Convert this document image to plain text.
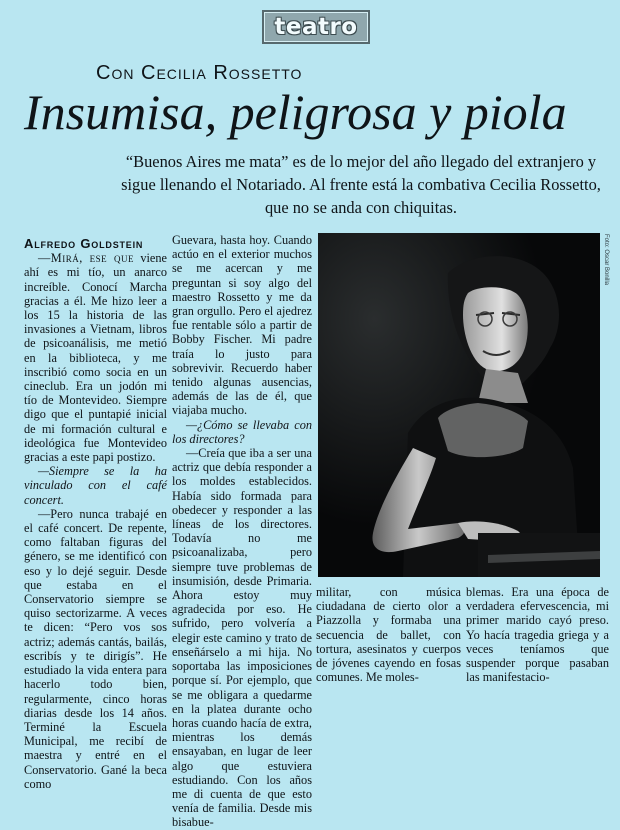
teatro
Con Cecilia Rossetto
Insumisa, peligrosa y piola
“Buenos Aires me mata” es de lo mejor del año llegado del extranjero y sigue llenando el Notariado. Al frente está la combativa Cecilia Rossetto, que no se anda con chiquitas.

Alfredo Goldstein

—Mirá, ese que viene ahí es mi tío, un anarco increíble. Conocí Marcha gracias a él. Me hizo leer a los 15 la historia de las invasiones a Vietnam, libros de psicoanálisis, me metió en la biblioteca, y me inscribió como socia en un cineclub. Era un jodón mi tío de Montevideo. Siempre digo que el puntapié inicial de mi formación cultural e ideológica fue Montevideo gracias a este papi postizo.

—Siempre se la ha vinculado con el café concert.

—Pero nunca trabajé en el café concert. De repente, como faltaban figuras del género, se me identificó con eso y lo dejé seguir. Desde que estaba en el Conservatorio siempre se quiso sectorizarme. A veces te dicen: “Pero vos sos actriz; además cantás, bailás, escribís y te dirigís”. He estudiado la vida entera para hacerlo todo bien, regularmente, cinco horas diarias desde los 14 años. Terminé la Escuela Municipal, me recibí de maestra y entré en el Conservatorio. Gané la beca como

Guevara, hasta hoy. Cuando actúo en el exterior muchos se me acercan y me preguntan si soy algo del maestro Rossetto y me da gran orgullo. Pero el ajedrez fue rentable sólo a partir de Bobby Fischer. Mi padre traía lo justo para sobrevivir. Recuerdo haber tenido algunas ausencias, además de las de él, que viajaba mucho.

—¿Cómo se llevaba con los directores?

—Creía que iba a ser una actriz que debía responder a los moldes establecidos. Había sido formada para obedecer y responder a las líneas de los directores. Todavía no me psicoanalizaba, pero siempre tuve problemas de insumisión, desde Primaria. Ahora estoy muy agradecida por eso. He sufrido, pero volvería a elegir este camino y trato de enseñárselo a mi hija. No soportaba las imposiciones porque sí. Por ejemplo, que se me obligara a quedarme en la platea durante ocho horas cuando hacía de extra, mientras los demás ensayaban, en lugar de leer algo que estuviera estudiando. Con los años me di cuenta de que esto venía de familia. Desde mis bisabue-

Foto: Oscar Bonilla

militar, con música ciudadana de cierto olor a Piazzolla y formaba una secuencia de ballet, con tortura, asesinatos y cuerpos de jóvenes cayendo en fosas comunes. Me moles-

blemas. Era una época de verdadera efervescencia, mi primer marido cayó preso. Yo hacía tragedia griega y a veces teníamos que suspender porque pasaban las manifestacio-
